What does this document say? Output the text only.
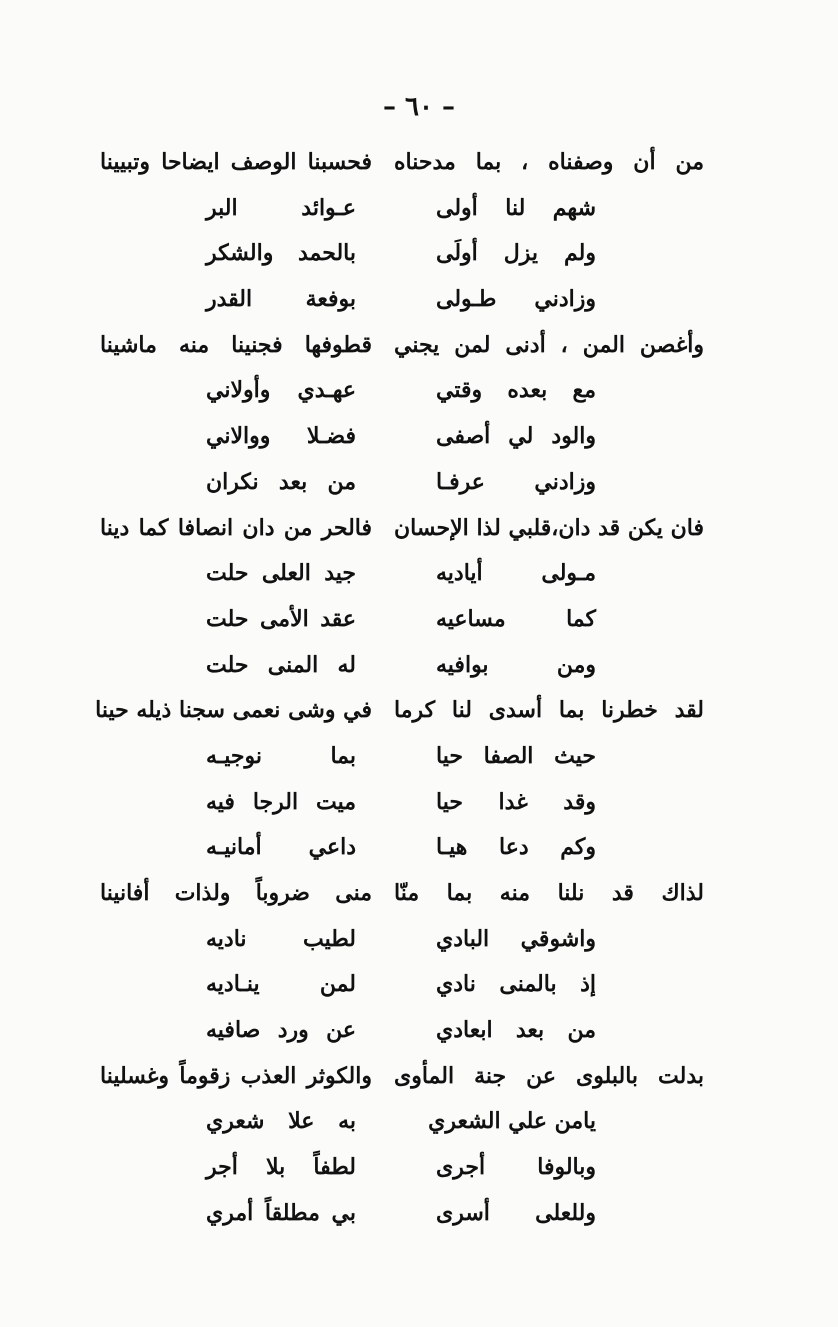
– ٦٠ –
من أن وصفناه ، بما مدحناه
فحسبنا الوصف ايضاحا وتبيينا
شهم لنا أولى
عـوائد البر
ولم يزل أولَى
بالحمد والشكر
وزادني طـولى
بوفعة القدر
وأغصن المن ، أدنى لمن يجني
قطوفها فجنينا منه ماشينا
مع بعده وقتي
عهـدي وأولاني
والود لي أصفى
فضـلا ووالاني
وزادني عرفـا
من بعد نكران
فان يكن قد دان،قلبي لذا الإحسان
فالحر من دان انصافا كما دينا
مـولى أياديه
جيد العلى حلت
كما مساعيه
عقد الأمى حلت
ومن بوافيه
له المنى حلت
لقد خطرنا بما أسدى لنا كرما
في وشى نعمى سجنا ذيله حينا
حيث الصفا حيا
بما نوجيـه
وقد غدا حيا
ميت الرجا فيه
وكم دعا هيـا
داعي أمانيـه
لذاك قد نلنا منه بما منّا
منى ضروباً ولذات أفانينا
واشوقي البادي
لطيب ناديه
إذ بالمنى نادي
لمن ينـاديه
من بعد ابعادي
عن ورد صافيه
بدلت بالبلوى عن جنة المأوى
والكوثر العذب زقوماً وغسلينا
يامن علي الشعري
به علا شعري
وبالوفا أجرى
لطفاً بلا أجر
وللعلى أسرى
بي مطلقاً أمري
